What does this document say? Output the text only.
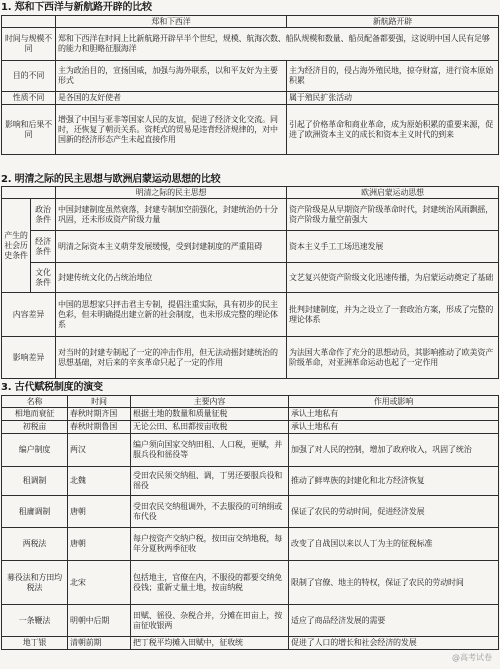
1. 郑和下西洋与新航路开辟的比较
	郑和下西洋	新航路开辟
时间与规模不同	郑和下西洋在时间上比新航路开辟早半个世纪，规模、航海次数、船队规模和数量、船员配备都要强，这说明中国人民有足够的能力和胆略征服海洋	
目的不同	主为政治目的，宣扬国威，加强与海外联系，以和平友好为主要形式	主为经济目的，侵占海外殖民地，掠夺财富，进行资本原始积累
性质不同	是各国的友好使者	属于殖民扩张活动
影响和后果不同	增强了中国与亚非等国家人民的友谊，促进了经济文化交流。同时，还恢复了朝贡关系。资耗式的贸易是违背经济规律的，对中国新的经济形态产生未起直接作用	引起了价格革命和商业革命，成为原始积累的重要来源，促进了欧洲资本主义的成长和资本主义时代的到来
2. 明清之际的民主思想与欧洲启蒙运动思想的比较
		明清之际的民主思想	欧洲启蒙运动思想
产生的社会历史条件	政治条件	中国封建制度虽然衰落，封建专制加空前强化，封建统治仍十分巩固，还未形成资产阶级力量	资产阶级是从早期资产阶级革命时代，封建统治风雨飘摇，资产阶级力量空前强大
	经济条件	明清之际资本主义萌芽发展缓慢，受到封建制度的严重阻碍	资本主义手工工场迅速发展
	文化条件	封建传统文化仍占统治地位	文艺复兴使资产阶级文化迅速传播，为启蒙运动奠定了基础
内容差异		中国的思想家只抨击君主专制，提倡注重实际，具有初步的民主色彩，但未明确提出建立新的社会制度，也未形成完整的理论体系	批判封建制度，并为之设立了一套政治方案，形成了完整的理论体系
影响差异		对当时的封建专制起了一定的冲击作用，但无法动摇封建统治的思想基础，对后来的辛亥革命只起了一定的作用	为法国大革命作了充分的思想动员，其影响推动了欧美资产阶级革命，对亚洲革命运动也起了一定作用
3. 古代赋税制度的演变
名称	时间	主要内容	作用或影响
相地而衰征	春秋时期齐国	根据土地的数量和质量征税	承认土地私有
初税亩	春秋时期鲁国	无论公田、私田都按亩收税	承认土地私有
编户制度	两汉	编户须向国家交纳田租、人口税，更赋，并服兵役和徭役等	加强了对人民的控制，增加了政府收入，巩固了统治
租调制	北魏	受田农民须交纳租、调，丁男还要服兵役和徭役	推动了鲜卑族的封建化和北方经济恢复
租庸调制	唐朝	受田农民交纳租调外，不去服役的可纳绢或布代役	保证了农民的劳动时间，促进经济发展
两税法	唐朝	每户按资产交纳户税，按田亩交纳地税，每年分夏秋两季征收	改变了自战国以来以人丁为主的征税标准
募役法和方田均税法	北宋	包括地主，官僚在内，不服役的都要交纳免役钱；重新丈量土地，按亩纳税	限制了官僚、地主的特权，保证了农民的劳动时间
一条鞭法	明朝中后期	田赋、徭役、杂税合并，分摊在田亩上，按亩征收银两	适应了商品经济发展的需要
地丁银	清朝前期	把丁税平均摊入田赋中，征收统	促进了人口的增长和社会经济的发展
@高考试卷
